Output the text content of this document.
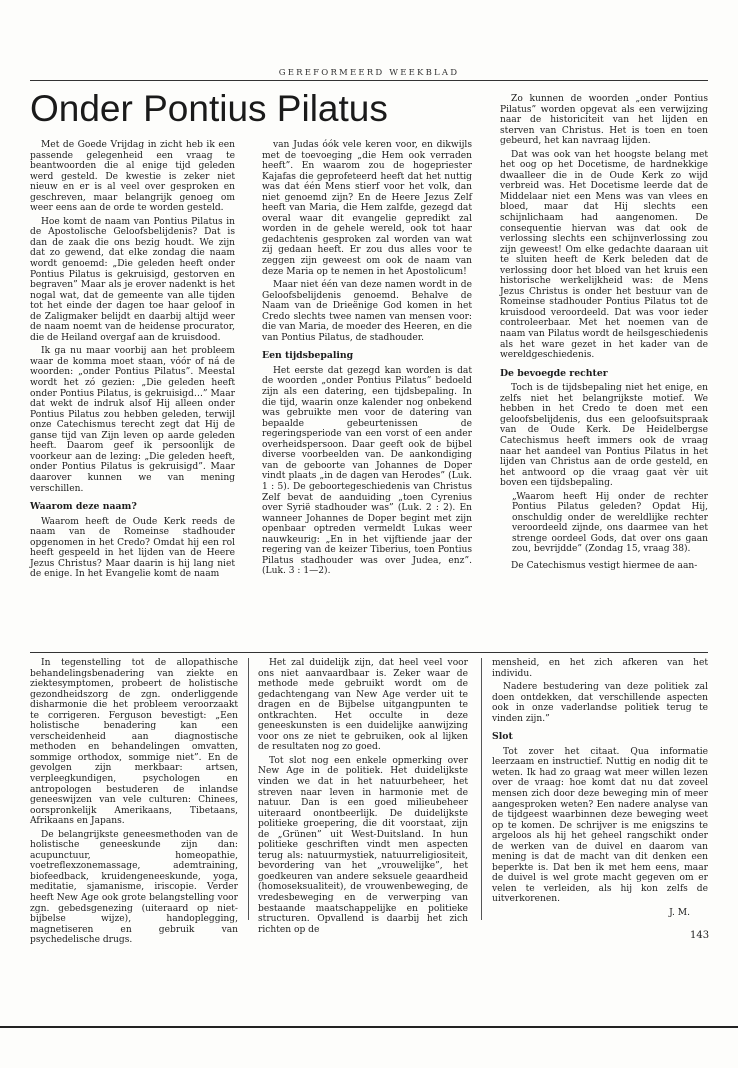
GEREFORMEERD WEEKBLAD
Onder Pontius Pilatus

Met de Goede Vrijdag in zicht heb ik een passende gelegenheid een vraag te beantwoorden die al enige tijd geleden werd gesteld. De kwestie is zeker niet nieuw en er is al veel over gesproken en geschreven, maar belangrijk genoeg om weer eens aan de orde te worden gesteld.

Hoe komt de naam van Pontius Pilatus in de Apostolische Geloofsbelijdenis? Dat is dan de zaak die ons bezig houdt. We zijn dat zo gewend, dat elke zondag die naam wordt genoemd: „Die geleden heeft onder Pontius Pilatus is gekruisigd, gestorven en begraven” Maar als je erover nadenkt is het nogal wat, dat de gemeente van alle tijden tot het einde der dagen toe haar geloof in de Zaligmaker belijdt en daarbij altijd weer de naam noemt van de heidense procurator, die de Heiland overgaf aan de kruisdood.

Ik ga nu maar voorbij aan het probleem waar de komma moet staan, vóór of ná de woorden: „onder Pontius Pilatus”. Meestal wordt het zó gezien: „Die geleden heeft onder Pontius Pilatus, is gekruisigd…” Maar dat wekt de indruk alsof Hij alleen onder Pontius Pilatus zou hebben geleden, terwijl onze Catechismus terecht zegt dat Hij de ganse tijd van Zijn leven op aarde geleden heeft. Daarom geef ik persoonlijk de voorkeur aan de lezing: „Die geleden heeft, onder Pontius Pilatus is gekruisigd”. Maar daarover kunnen we van mening verschillen.

Waarom deze naam?

Waarom heeft de Oude Kerk reeds de naam van de Romeinse stadhouder opgenomen in het Credo? Omdat hij een rol heeft gespeeld in het lijden van de Heere Jezus Christus? Maar daarin is hij lang niet de enige. In het Evangelie komt de naam

van Judas óók vele keren voor, en dikwijls met de toevoeging „die Hem ook verraden heeft”. En waarom zou de hogepriester Kajafas die geprofeteerd heeft dat het nuttig was dat één Mens stierf voor het volk, dan niet genoemd zijn? En de Heere Jezus Zelf heeft van Maria, die Hem zalfde, gezegd dat overal waar dit evangelie gepredikt zal worden in de gehele wereld, ook tot haar gedachtenis gesproken zal worden van wat zij gedaan heeft. Er zou dus alles voor te zeggen zijn geweest om ook de naam van deze Maria op te nemen in het Apostolicum!

Maar niet één van deze namen wordt in de Geloofsbelijdenis genoemd. Behalve de Naam van de Drieënige God komen in het Credo slechts twee namen van mensen voor: die van Maria, de moeder des Heeren, en die van Pontius Pilatus, de stadhouder.

Een tijdsbepaling

Het eerste dat gezegd kan worden is dat de woorden „onder Pontius Pilatus” bedoeld zijn als een datering, een tijdsbepaling. In die tijd, waarin onze kalender nog onbekend was gebruikte men voor de datering van bepaalde gebeurtenissen de regeringsperiode van een vorst of een ander overheidspersoon. Daar geeft ook de bijbel diverse voorbeelden van. De aankondiging van de geboorte van Johannes de Doper vindt plaats „in de dagen van Herodes” (Luk. 1 : 5). De geboortegeschiedenis van Christus Zelf bevat de aanduiding „toen Cyrenius over Syrië stadhouder was” (Luk. 2 : 2). En wanneer Johannes de Doper begint met zijn openbaar optreden vermeldt Lukas weer nauwkeurig: „En in het vijftiende jaar der regering van de keizer Tiberius, toen Pontius Pilatus stadhouder was over Judea, enz”. (Luk. 3 : 1—2).

Zo kunnen de woorden „onder Pontius Pilatus” worden opgevat als een verwijzing naar de historiciteit van het lijden en sterven van Christus. Het is toen en toen gebeurd, het kan navraag lijden.

Dat was ook van het hoogste belang met het oog op het Docetisme, de hardnekkige dwaalleer die in de Oude Kerk zo wijd verbreid was. Het Docetisme leerde dat de Middelaar niet een Mens was van vlees en bloed, maar dat Hij slechts een schijnlichaam had aangenomen. De consequentie hiervan was dat ook de verlossing slechts een schijnverlossing zou zijn geweest! Om elke gedachte daaraan uit te sluiten heeft de Kerk beleden dat de verlossing door het bloed van het kruis een historische werkelijkheid was: de Mens Jezus Christus is onder het bestuur van de Romeinse stadhouder Pontius Pilatus tot de kruisdood veroordeeld. Dat was voor ieder controleerbaar. Met het noemen van de naam van Pilatus wordt de heilsgeschiedenis als het ware gezet in het kader van de wereldgeschiedenis.

De bevoegde rechter

Toch is de tijdsbepaling niet het enige, en zelfs niet het belangrijkste motief. We hebben in het Credo te doen met een geloofsbelijdenis, dus een geloofsuitspraak van de Oude Kerk. De Heidelbergse Catechismus heeft immers ook de vraag naar het aandeel van Pontius Pilatus in het lijden van Christus aan de orde gesteld, en het antwoord op die vraag gaat vèr uit boven een tijdsbepaling.

„Waarom heeft Hij onder de rechter Pontius Pilatus geleden? Opdat Hij, onschuldig onder de wereldlijke rechter veroordeeld zijnde, ons daarmee van het strenge oordeel Gods, dat over ons gaan zou, bevrijdde” (Zondag 15, vraag 38).

De Catechismus vestigt hiermee de aan-

In tegenstelling tot de allopathische behandelingsbenadering van ziekte en ziektesymptomen, probeert de holistische gezondheidszorg de zgn. onderliggende disharmonie die het probleem veroorzaakt te corrigeren. Ferguson bevestigt: „Een holistische benadering kan een verscheidenheid aan diagnostische methoden en behandelingen omvatten, sommige orthodox, sommige niet”. En de gevolgen zijn merkbaar: artsen, verpleegkundigen, psychologen en antropologen bestuderen de inlandse geneeswijzen van vele culturen: Chinees, oorspronkelijk Amerikaans, Tibetaans, Afrikaans en Japans.

De belangrijkste geneesmethoden van de holistische geneeskunde zijn dan: acupunctuur, homeopathie, voetreflexzonemassage, ademtraining, biofeedback, kruidengeneeskunde, yoga, meditatie, sjamanisme, iriscopie. Verder heeft New Age ook grote belangstelling voor zgn. gebedsgenezing (uiteraard op niet-bijbelse wijze), handoplegging, magnetiseren en gebruik van psychedelische drugs.

Het zal duidelijk zijn, dat heel veel voor ons niet aanvaardbaar is. Zeker waar de methode mede gebruikt wordt om de gedachtengang van New Age verder uit te dragen en de Bijbelse uitgangpunten te ontkrachten. Het occulte in deze geneeskunsten is een duidelijke aanwijzing voor ons ze niet te gebruiken, ook al lijken de resultaten nog zo goed.

Tot slot nog een enkele opmerking over New Age in de politiek. Het duidelijkste vinden we dat in het natuurbeheer, het streven naar leven in harmonie met de natuur. Dan is een goed milieubeheer uiteraard onontbeerlijk. De duidelijkste politieke groepering, die dit voorstaat, zijn de „Grünen” uit West-Duitsland. In hun politieke geschriften vindt men aspecten terug als: natuurmystiek, natuurreligiositeit, bevordering van het „vrouwelijke”, het goedkeuren van andere seksuele geaardheid (homoseksualiteit), de vrouwenbeweging, de vredesbeweging en de verwerping van bestaande maatschappelijke en politieke structuren. Opvallend is daarbij het zich richten op de

mensheid, en het zich afkeren van het individu.

Nadere bestudering van deze politiek zal doen ontdekken, dat verschillende aspecten ook in onze vaderlandse politiek terug te vinden zijn.”

Slot

Tot zover het citaat. Qua informatie leerzaam en instructief. Nuttig en nodig dit te weten. Ik had zo graag wat meer willen lezen over de vraag: hoe komt dat nu dat zoveel mensen zich door deze beweging min of meer aangesproken weten? Een nadere analyse van de tijdgeest waarbinnen deze beweging weet op te komen. De schrijver is me enigszins te argeloos als hij het geheel rangschikt onder de werken van de duivel en daarom van mening is dat de macht van dit denken een beperkte is. Dat ben ik met hem eens, maar de duivel is wel grote macht gegeven om er velen te verleiden, als hij kon zelfs de uitverkorenen.

J. M.

143
